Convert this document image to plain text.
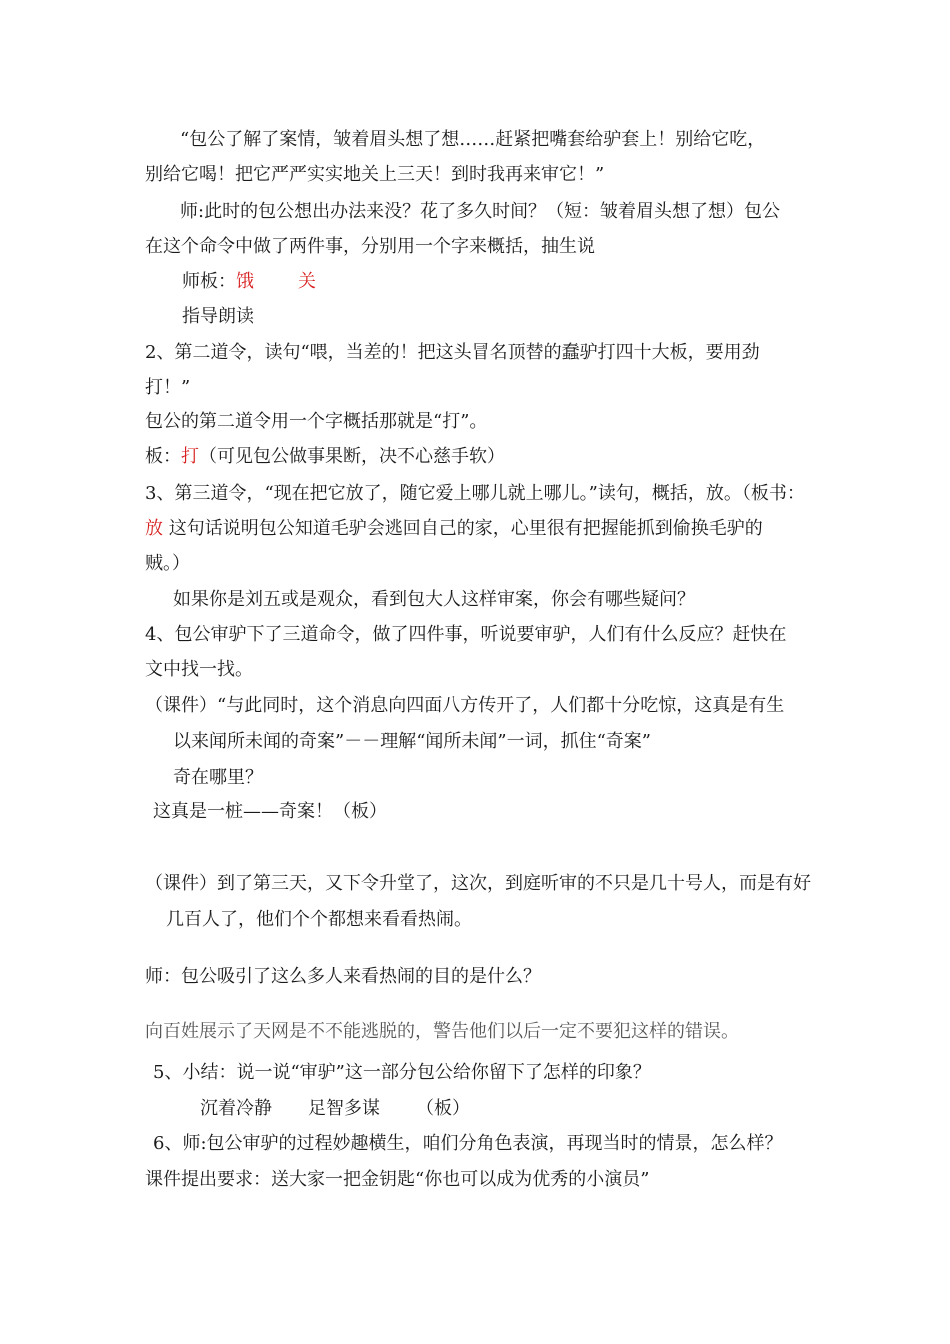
“包公了解了案情，皱着眉头想了想……赶紧把嘴套给驴套上！别给它吃，

别给它喝！把它严严实实地关上三天！到时我再来审它！”

师:此时的包公想出办法来没？花了多久时间？（短：皱着眉头想了想）包公

在这个命令中做了两件事，分别用一个字来概括，抽生说

师板：饿 关

指导朗读

2、第二道令，读句“喂，当差的！把这头冒名顶替的蠢驴打四十大板，要用劲

打！”

包公的第二道令用一个字概括那就是“打”。

板：打（可见包公做事果断，决不心慈手软）

3、第三道令，“现在把它放了，随它爱上哪儿就上哪儿。”读句，概括，放。（板书：

放 这句话说明包公知道毛驴会逃回自己的家，心里很有把握能抓到偷换毛驴的

贼。）

如果你是刘五或是观众，看到包大人这样审案，你会有哪些疑问？

4、包公审驴下了三道命令，做了四件事，听说要审驴，人们有什么反应？赶快在

文中找一找。

（课件）“与此同时，这个消息向四面八方传开了，人们都十分吃惊，这真是有生

以来闻所未闻的奇案”－－理解“闻所未闻”一词，抓住“奇案”

奇在哪里？

这真是一桩——奇案！（板）

（课件）到了第三天，又下令升堂了，这次，到庭听审的不只是几十号人，而是有好

几百人了，他们个个都想来看看热闹。

师：包公吸引了这么多人来看热闹的目的是什么？

向百姓展示了天网是不不能逃脱的，警告他们以后一定不要犯这样的错误。

5、小结：说一说“审驴”这一部分包公给你留下了怎样的印象？

沉着冷静 足智多谋 （板）

6、师:包公审驴的过程妙趣横生，咱们分角色表演，再现当时的情景，怎么样？

课件提出要求：送大家一把金钥匙“你也可以成为优秀的小演员”
